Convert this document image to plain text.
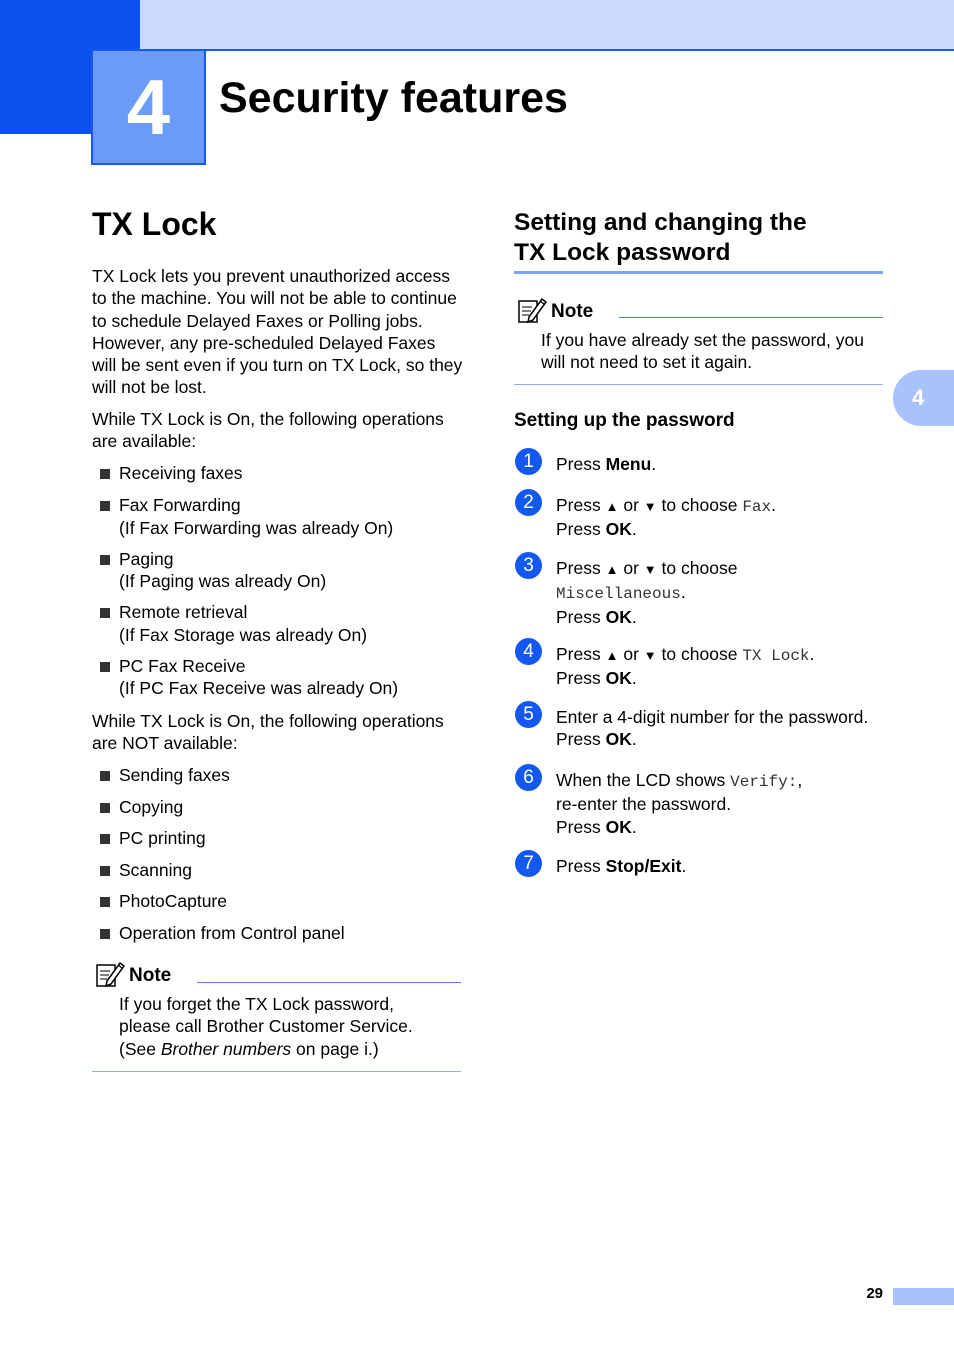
4	Security features
TX Lock
TX Lock lets you prevent unauthorized access to the machine. You will not be able to continue to schedule Delayed Faxes or Polling jobs. However, any pre-scheduled Delayed Faxes will be sent even if you turn on TX Lock, so they will not be lost.
While TX Lock is On, the following operations are available:
Receiving faxes
Fax Forwarding
(If Fax Forwarding was already On)
Paging
(If Paging was already On)
Remote retrieval
(If Fax Storage was already On)
PC Fax Receive
(If PC Fax Receive was already On)
While TX Lock is On, the following operations are NOT available:
Sending faxes
Copying
PC printing
Scanning
PhotoCapture
Operation from Control panel
Note
If you forget the TX Lock password,
please call Brother Customer Service.
(See Brother numbers on page i.)
Setting and changing the
TX Lock password
Note
If you have already set the password, you
will not need to set it again.
Setting up the password
1	Press Menu.
2	Press ▲ or ▼ to choose Fax.
Press OK.
3	Press ▲ or ▼ to choose
Miscellaneous.
Press OK.
4	Press ▲ or ▼ to choose TX Lock.
Press OK.
5	Enter a 4-digit number for the password.
Press OK.
6	When the LCD shows Verify:,
re-enter the password.
Press OK.
7	Press Stop/Exit.
4
29
